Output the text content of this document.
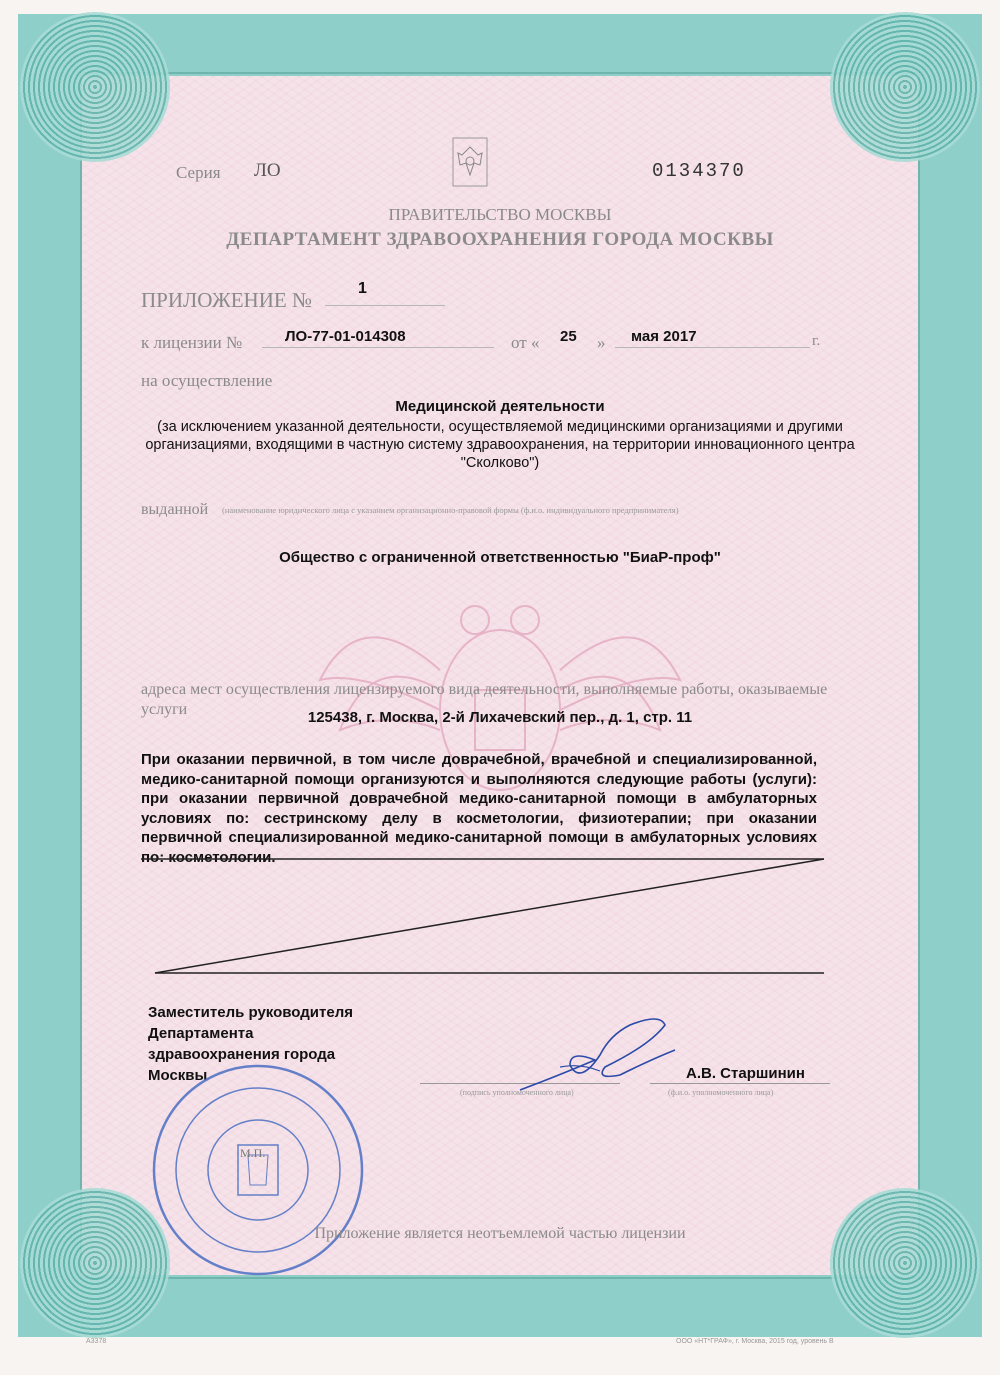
Серия ЛО	0134370
ПРАВИТЕЛЬСТВО МОСКВЫ
ДЕПАРТАМЕНТ ЗДРАВООХРАНЕНИЯ ГОРОДА МОСКВЫ
ПРИЛОЖЕНИЕ №	1
к лицензии №	ЛО-77-01-014308	от « 25 » мая 2017	г.
на осуществление
Медицинской деятельности
(за исключением указанной деятельности, осуществляемой медицинскими организациями и другими организациями, входящими в частную систему здравоохранения, на территории инновационного центра "Сколково")
выданной (наименование юридического лица с указанием организационно-правовой формы (ф.и.о. индивидуального предпринимателя)
Общество с ограниченной ответственностью "БиаР-проф"
адреса мест осуществления лицензируемого вида деятельности, выполняемые работы, оказываемые услуги	125438, г. Москва, 2-й Лихачевский пер., д. 1, стр. 11
При оказании первичной, в том числе доврачебной, врачебной и специализированной, медико-санитарной помощи организуются и выполняются следующие работы (услуги): при оказании первичной доврачебной медико-санитарной помощи в амбулаторных условиях по: сестринскому делу в косметологии, физиотерапии; при оказании первичной специализированной медико-санитарной помощи в амбулаторных условиях по: косметологии.
Заместитель руководителя
Департамента
здравоохранения города
Москвы
(подпись уполномоченного лица)
А.В. Старшинин
(ф.и.о. уполномоченного лица)
М.П.
Приложение является неотъемлемой частью лицензии
А3378	ООО «НТ*ГРАФ», г. Москва, 2015 год, уровень В
